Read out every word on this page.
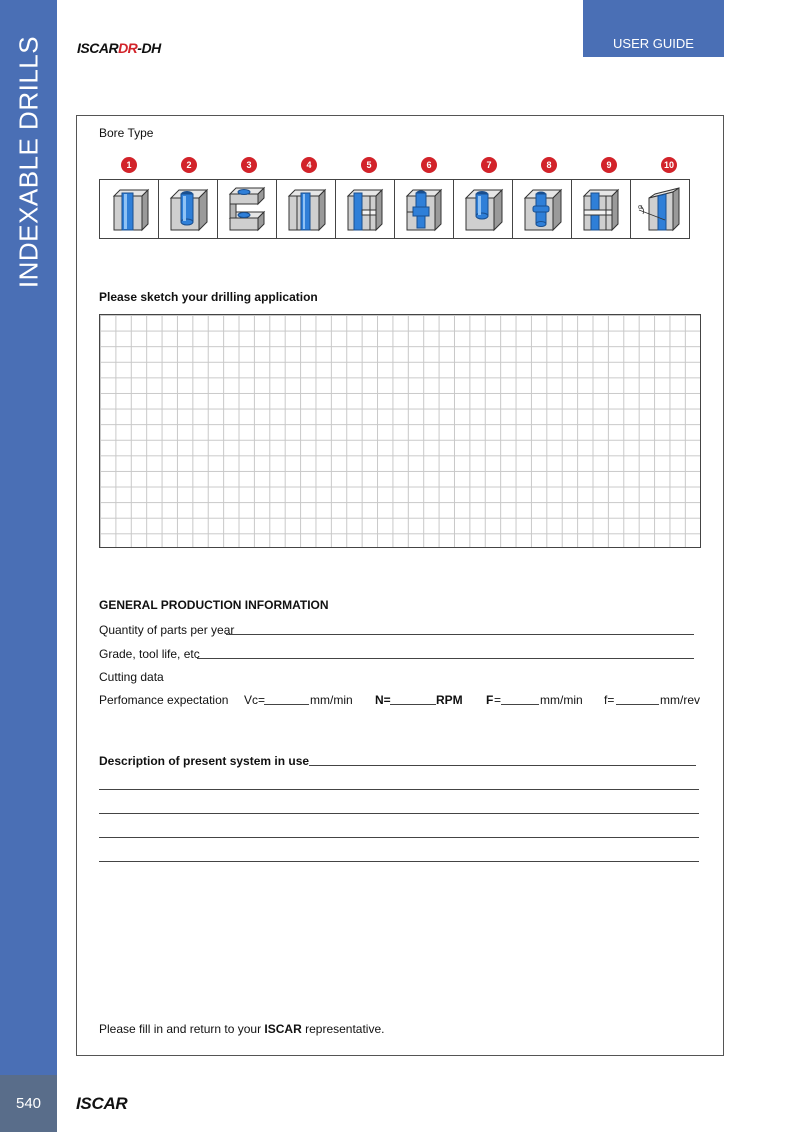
INDEXABLE DRILLS
540
USER GUIDE
ISCARDR-DH
Bore Type
1	2	3	4	5	6	7	8	9	10
α
Please sketch your drilling application
GENERAL PRODUCTION INFORMATION
Quantity of parts per year
Grade, tool life, etc
Cutting data
Perfomance expectation Vc=	mm/min N=	RPM F =	mm/min f=	mm/rev
Description of present system in use
Please fill in and return to your ISCAR representative.
ISCAR
